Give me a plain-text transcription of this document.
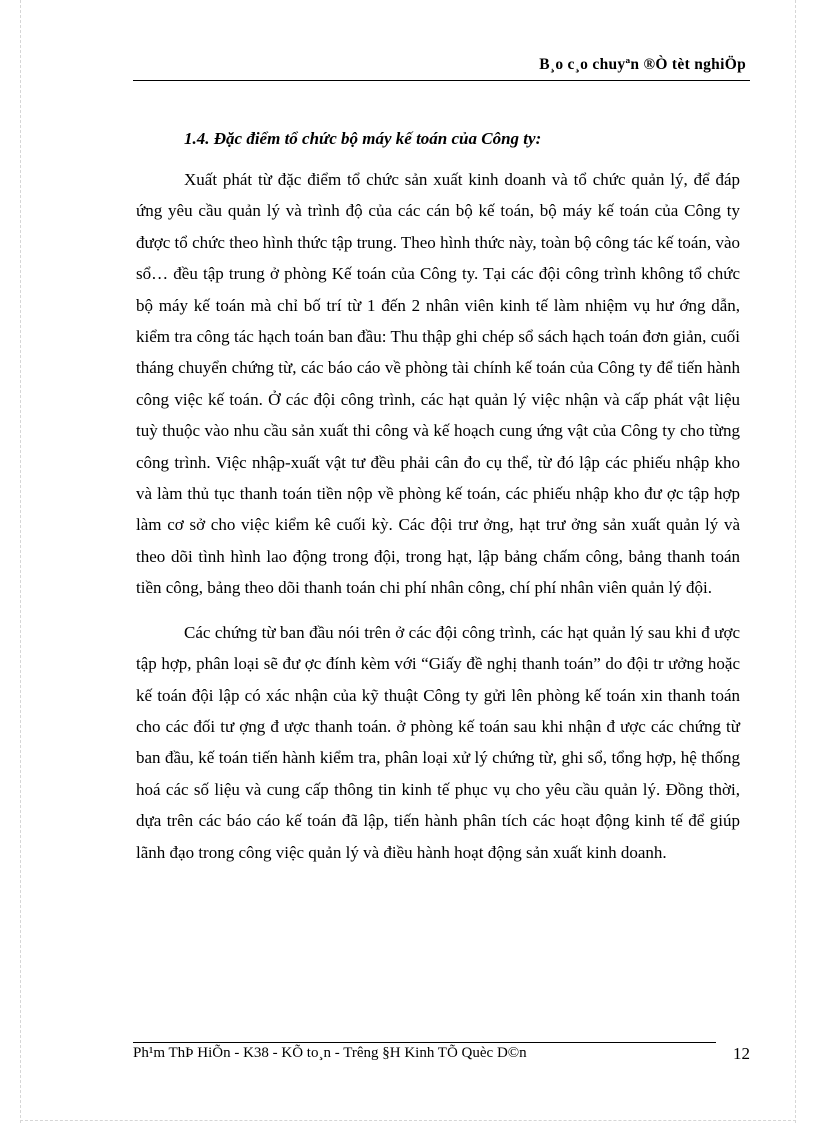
B¸o c¸o chuyªn ®Ò tèt nghiÖp

1.4. Đặc điểm tổ chức bộ máy kế toán của Công ty:

Xuất phát từ đặc điểm tổ chức sản xuất kinh doanh và tổ chức quản lý, để đáp ứng yêu cầu quản lý và trình độ của các cán bộ kế toán, bộ máy kế toán của Công ty được tổ chức theo hình thức tập trung. Theo hình thức này, toàn bộ công tác kế toán, vào sổ… đều tập trung ở phòng Kế toán của Công ty. Tại các đội công trình không tổ chức bộ máy kế toán mà chỉ bố trí từ 1 đến 2 nhân viên kinh tế làm nhiệm vụ hư ớng dẫn, kiểm tra công tác hạch toán ban đầu: Thu thập ghi chép sổ sách hạch toán đơn giản, cuối tháng chuyển chứng từ, các báo cáo về phòng tài chính kế toán của Công ty để tiến hành công việc kế toán. Ở các đội công trình, các hạt quản lý việc nhận và cấp phát vật liệu tuỳ thuộc vào nhu cầu sản xuất thi công và kế hoạch cung ứng vật của Công ty cho từng công trình. Việc nhập-xuất vật tư đều phải cân đo cụ thể, từ đó lập các phiếu nhập kho và làm thủ tục thanh toán tiền nộp về phòng kế toán, các phiếu nhập kho đư ợc tập hợp làm cơ sở cho việc kiểm kê cuối kỳ. Các đội trư ởng, hạt trư ởng sản xuất quản lý và theo dõi tình hình lao động trong đội, trong hạt, lập bảng chấm công, bảng thanh toán tiền công, bảng theo dõi thanh toán chi phí nhân công, chí phí nhân viên quản lý đội.

Các chứng từ ban đầu nói trên ở các đội công trình, các hạt quản lý sau khi đ ược tập hợp, phân loại sẽ đư ợc đính kèm với “Giấy đề nghị thanh toán” do đội tr ưởng hoặc kế toán đội lập có xác nhận của kỹ thuật Công ty gửi lên phòng kế toán xin thanh toán cho các đối tư ợng đ ược thanh toán. ở phòng kế toán sau khi nhận đ ược các chứng từ ban đầu, kế toán tiến hành kiểm tra, phân loại xử lý chứng từ, ghi sổ, tổng hợp, hệ thống hoá các số liệu và cung cấp thông tin kinh tế phục vụ cho yêu cầu quản lý. Đồng thời, dựa trên các báo cáo kế toán đã lập, tiến hành phân tích các hoạt động kinh tế để giúp lãnh đạo trong công việc quản lý và điều hành hoạt động sản xuất kinh doanh.

Ph¹m ThÞ HiÕn - K38 - KÕ to¸n - Trêng §H Kinh TÕ Quèc D©n	12
